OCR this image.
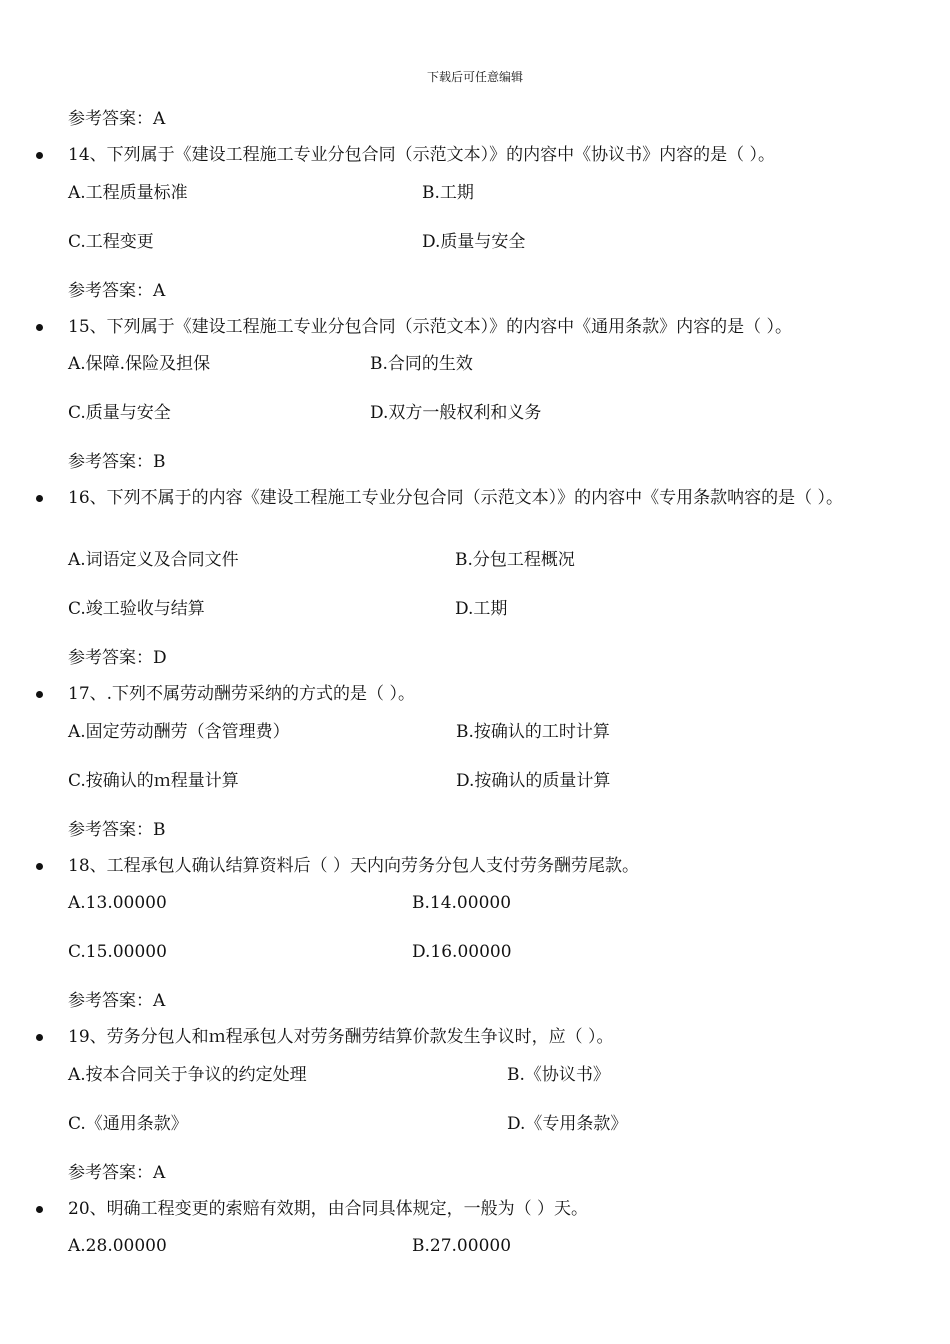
下载后可任意编辑
参考答案：A
14、下列属于《建设工程施工专业分包合同（示范文本）》的内容中《协议书》内容的是（ ）。
A.工程质量标准	B.工期
C.工程变更	D.质量与安全
参考答案：A
15、下列属于《建设工程施工专业分包合同（示范文本）》的内容中《通用条款》内容的是（ ）。
A.保障.保险及担保	B.合同的生效
C.质量与安全	D.双方一般权利和义务
参考答案：B
16、下列不属于的内容《建设工程施工专业分包合同（示范文本）》的内容中《专用条款呐容的是（ ）。
A.词语定义及合同文件	B.分包工程概况
C.竣工验收与结算	D.工期
参考答案：D
17、.下列不属劳动酬劳采纳的方式的是（ ）。
A.固定劳动酬劳（含管理费）	B.按确认的工时计算
C.按确认的ｍ程量计算	D.按确认的质量计算
参考答案：B
18、工程承包人确认结算资料后（ ）天内向劳务分包人支付劳务酬劳尾款。
A.13.00000	B.14.00000
C.15.00000	D.16.00000
参考答案：A
19、劳务分包人和ｍ程承包人对劳务酬劳结算价款发生争议时，应（ ）。
A.按本合同关于争议的约定处理	B.《协议书》
C.《通用条款》	D.《专用条款》
参考答案：A
20、明确工程变更的索赔有效期，由合同具体规定，一般为（ ）天。
A.28.00000	B.27.00000
